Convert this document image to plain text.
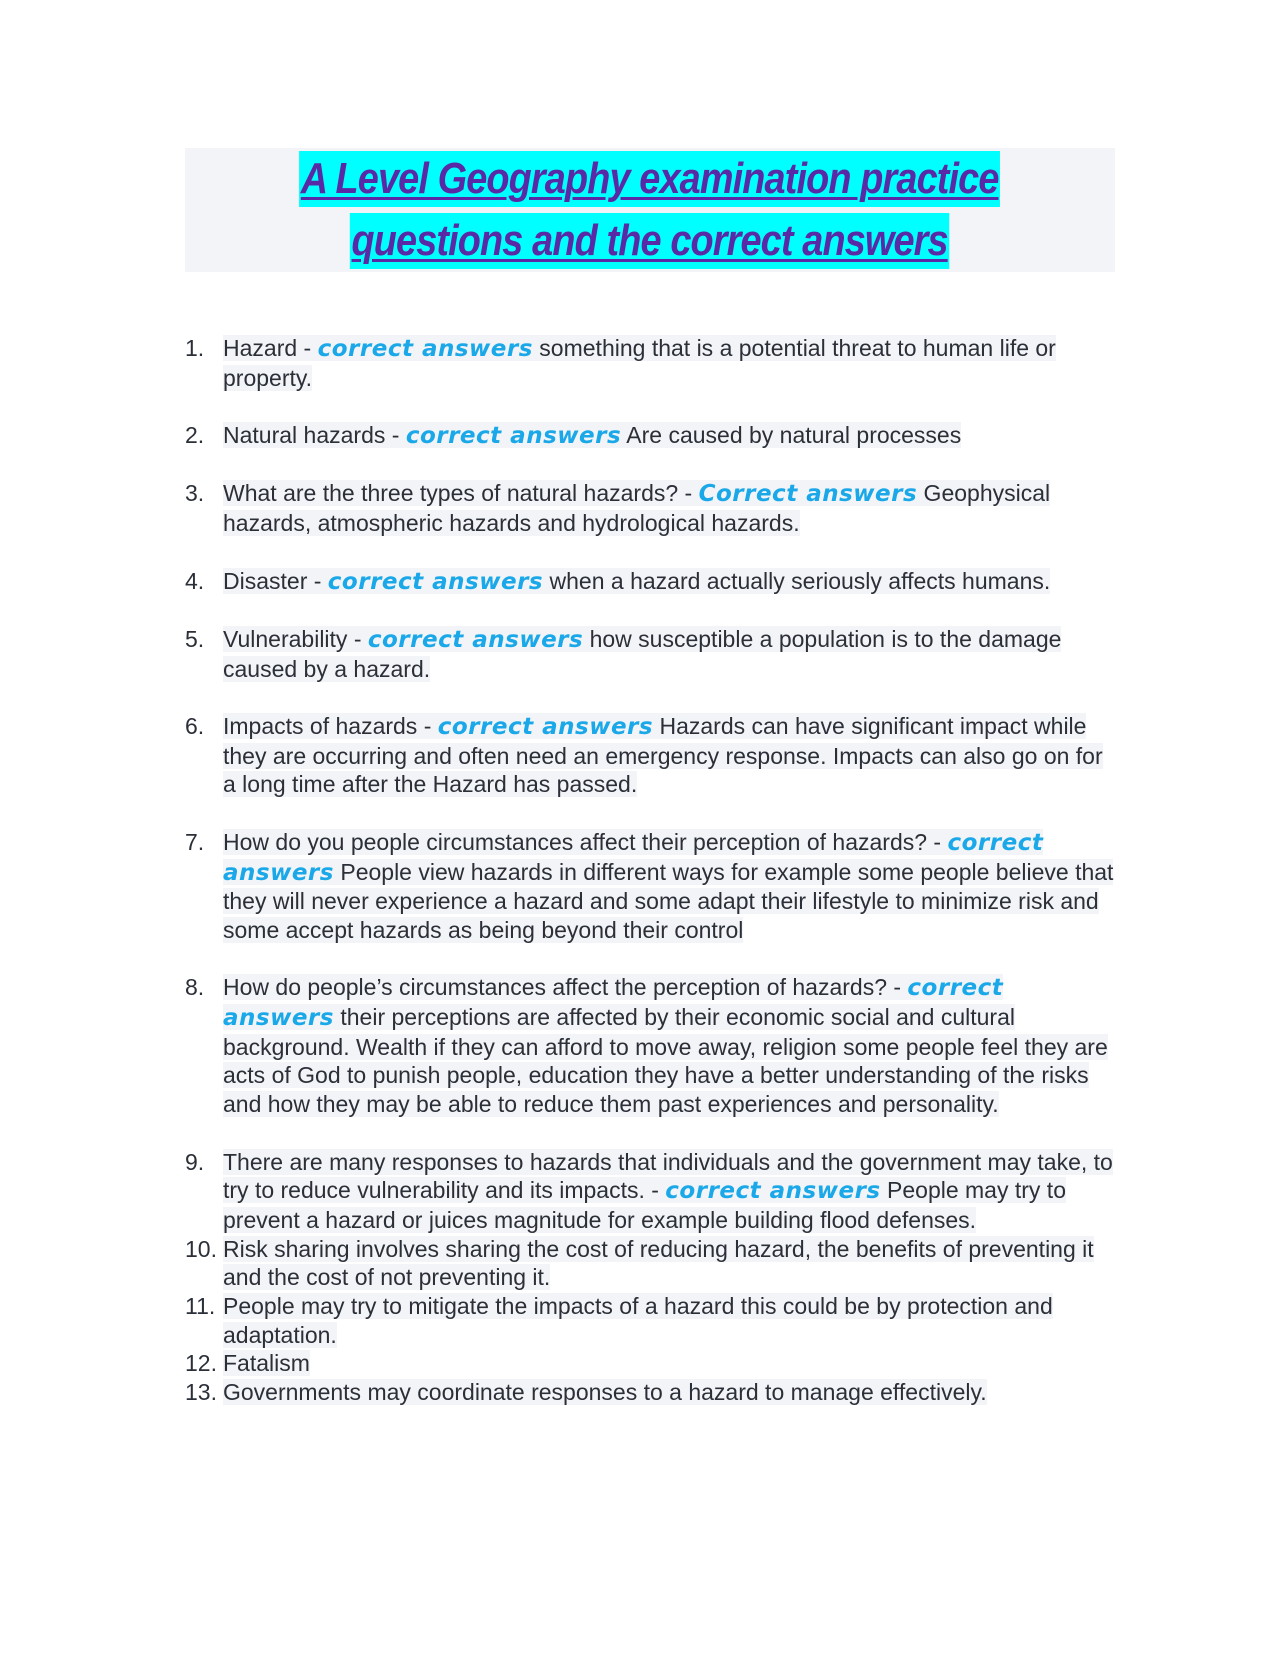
A Level Geography examination practice
questions and the correct answers
1. Hazard - correct answers something that is a potential threat to human life or property.
2. Natural hazards - correct answers Are caused by natural processes
3. What are the three types of natural hazards? - Correct answers Geophysical hazards, atmospheric hazards and hydrological hazards.
4. Disaster - correct answers when a hazard actually seriously affects humans.
5. Vulnerability - correct answers how susceptible a population is to the damage caused by a hazard.
6. Impacts of hazards - correct answers Hazards can have significant impact while they are occurring and often need an emergency response. Impacts can also go on for a long time after the Hazard has passed.
7. How do you people circumstances affect their perception of hazards? - correct answers People view hazards in different ways for example some people believe that they will never experience a hazard and some adapt their lifestyle to minimize risk and some accept hazards as being beyond their control
8. How do people’s circumstances affect the perception of hazards? - correct answers their perceptions are affected by their economic social and cultural background. Wealth if they can afford to move away, religion some people feel they are acts of God to punish people, education they have a better understanding of the risks and how they may be able to reduce them past experiences and personality.
9. There are many responses to hazards that individuals and the government may take, to try to reduce vulnerability and its impacts. - correct answers People may try to prevent a hazard or juices magnitude for example building flood defenses.
10. Risk sharing involves sharing the cost of reducing hazard, the benefits of preventing it and the cost of not preventing it.
11. People may try to mitigate the impacts of a hazard this could be by protection and adaptation.
12. Fatalism
13. Governments may coordinate responses to a hazard to manage effectively.
